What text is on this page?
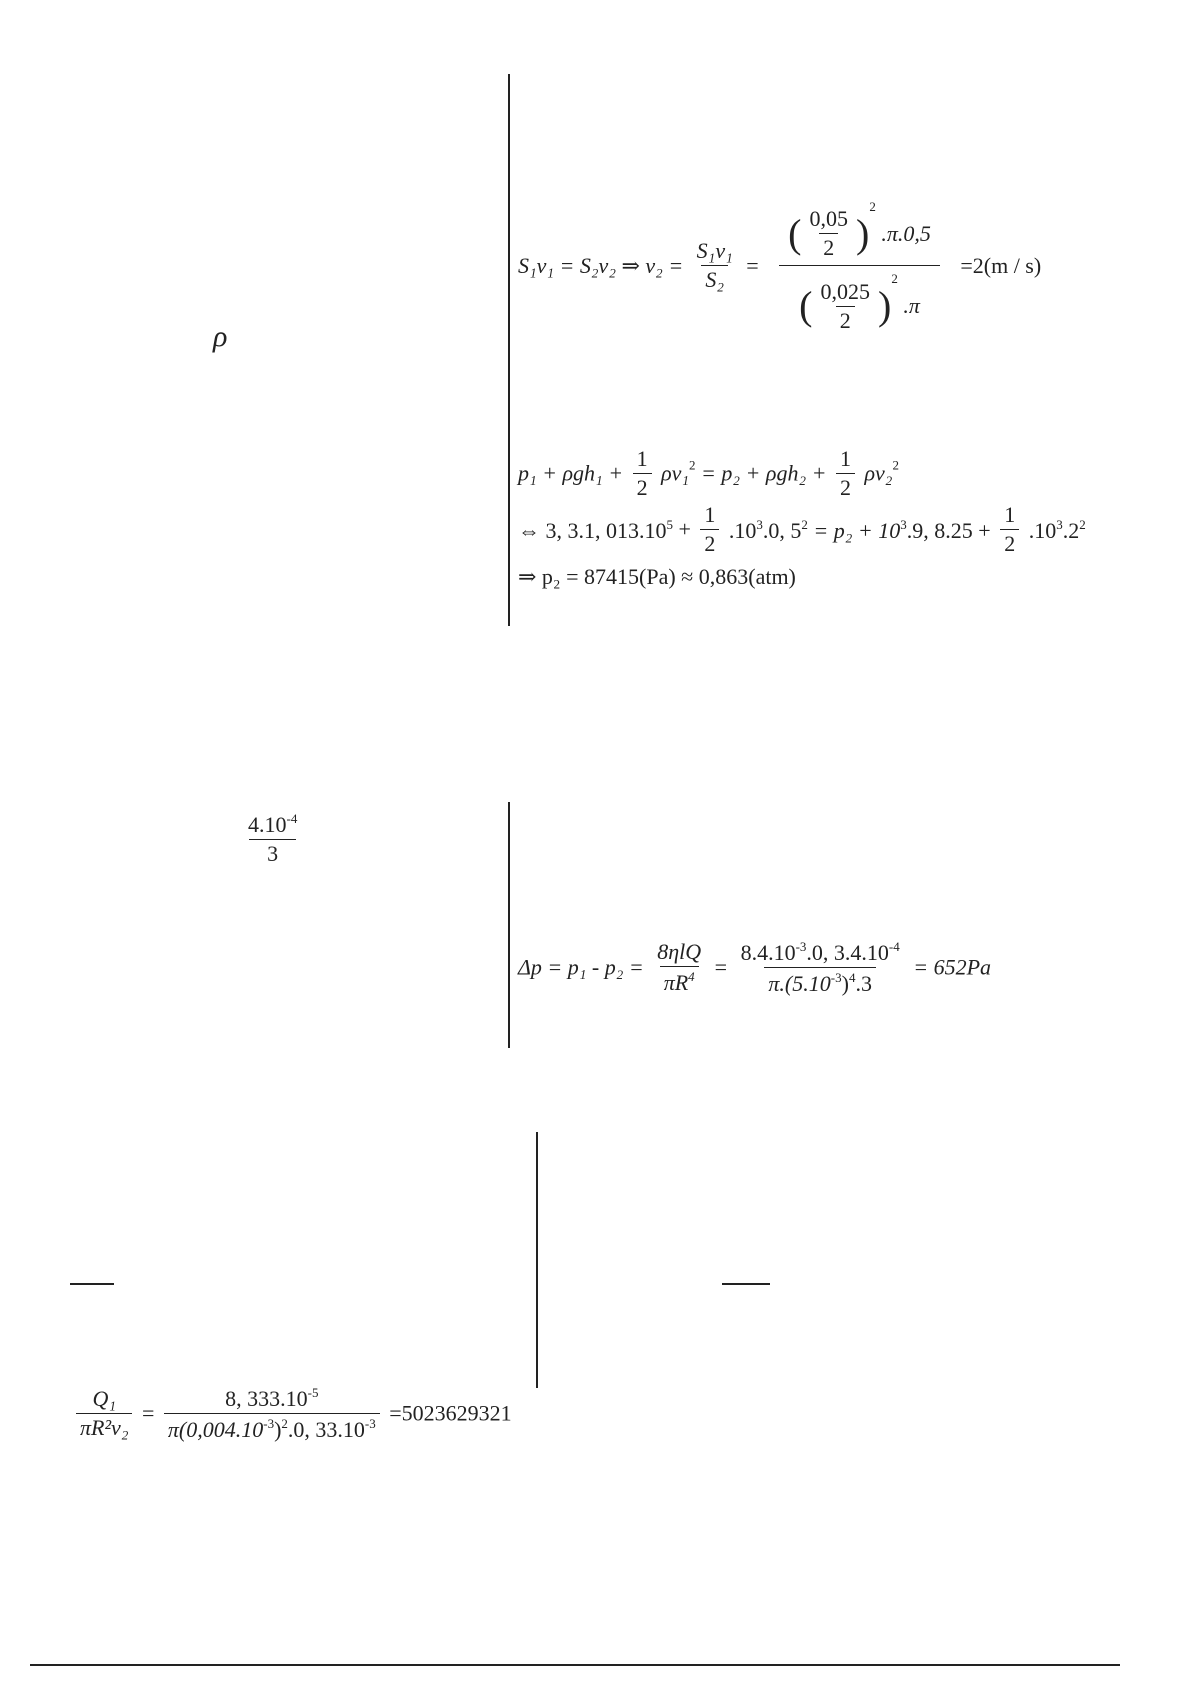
ρ
$\frac{4.10^{-4}}{3}$
S₁v₁ = S₂v₂ ⇒ $v_2 = \frac{\text{S₁v₁}}{\text{S₂}} = \frac{( \frac{0,05}{2} )^2 .\pi.0,5}{( \frac{0,025}{2} )^2 .\pi} =2(m / s)$
$p_1 + \rho gh_1 + \frac{1}{2} \rho v_1^2 = p_2 + \rho gh_2 + \frac{1}{2} \rho v_2^2$
⇔ 3, 3.1, $013.10^5 + \frac{1}{2} .10^3.0$, $5^2 = p_2 + 10^3.9$, $8.25 + \frac{1}{2} .10^3.2^2$
⇒ p₂ = 87415(Pa) ≈ 0,863(atm)
$\Delta p = p_1 - p_2 = \frac{\text{8ηlQ}}{\pi R^4} = \frac{8.4.10^{-3}.0, 3.4.10^{-4}}{\pi.(5.10^{-3})^4.3} = 652Pa$
$\frac{\text{Q₁}}{\text{πR²v₂}} = \frac{8, 333.10^{-5}}{\pi(0,004.10^{-3})^2.0, 33.10^{-3}} =5023629321$
